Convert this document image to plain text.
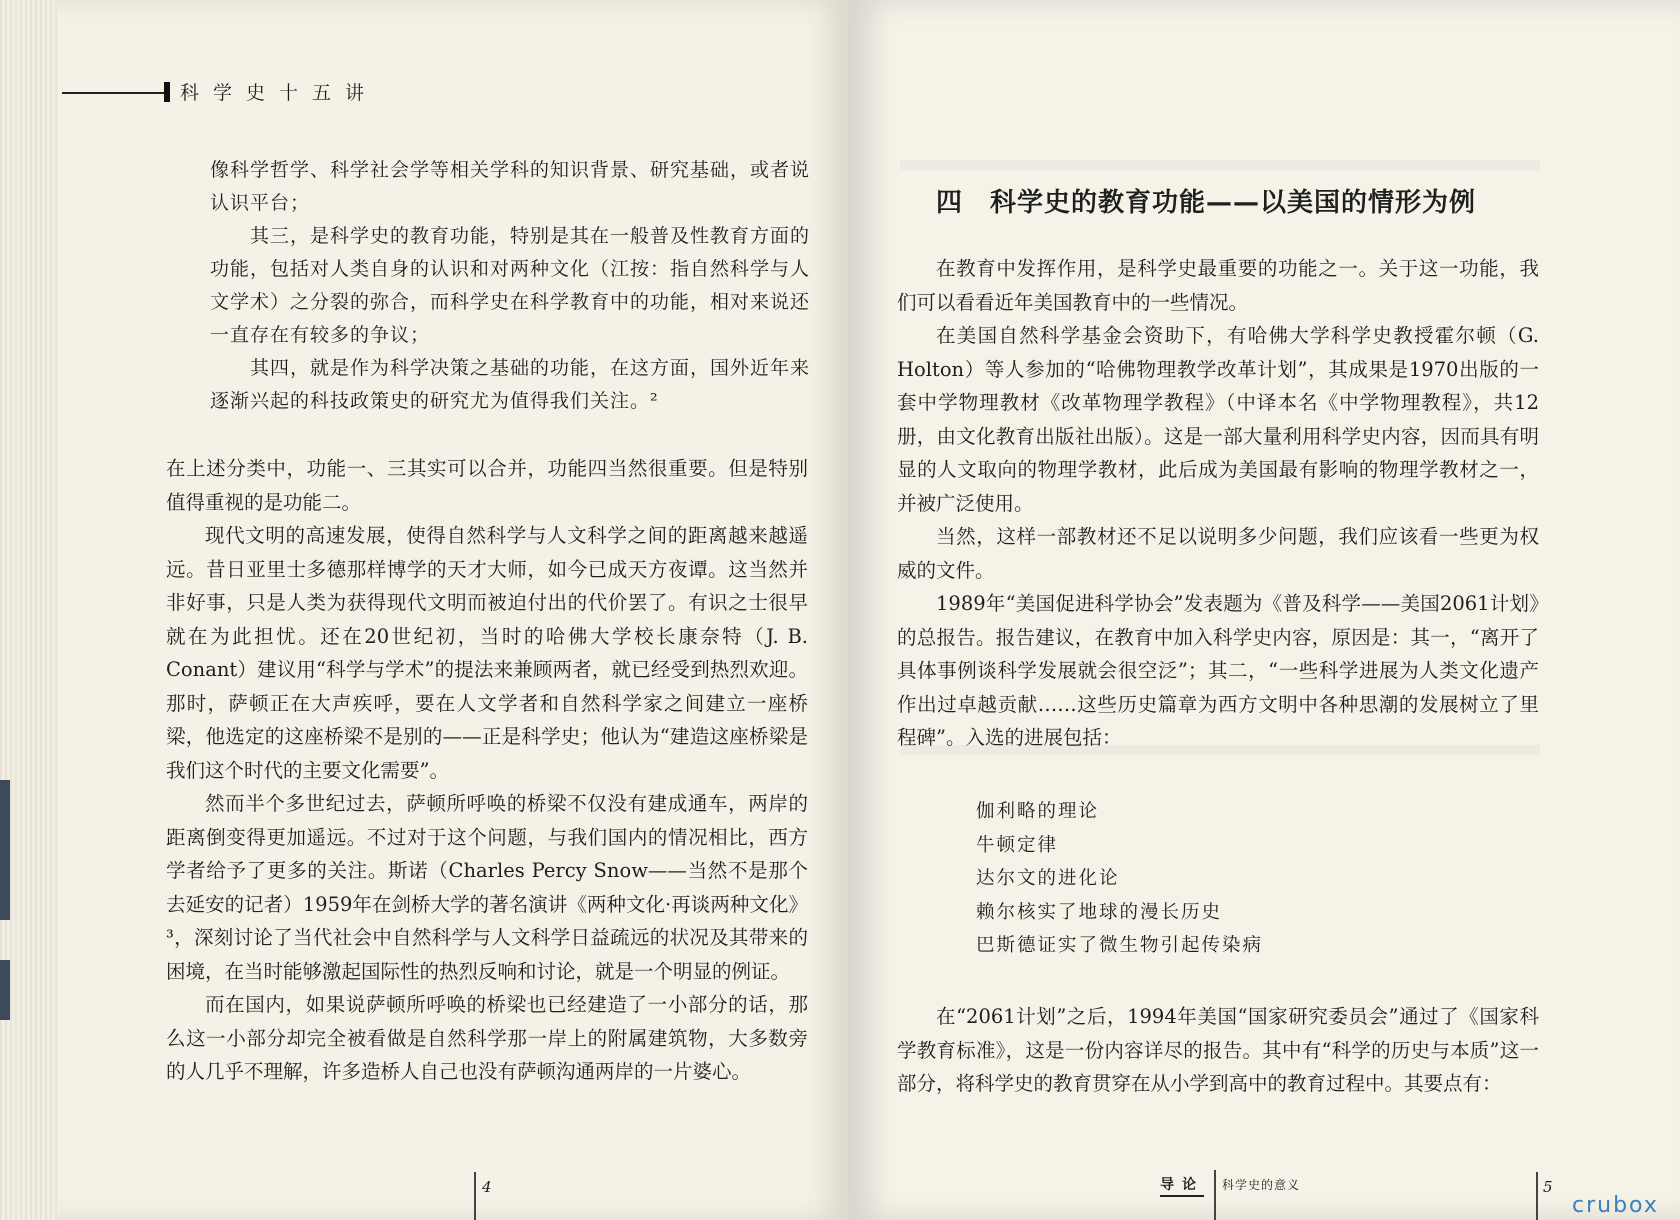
科学史十五讲

像科学哲学、科学社会学等相关学科的知识背景、研究基础，或者说认识平台；

其三，是科学史的教育功能，特别是其在一般普及性教育方面的功能，包括对人类自身的认识和对两种文化（江按：指自然科学与人文学术）之分裂的弥合，而科学史在科学教育中的功能，相对来说还一直存在有较多的争议；

其四，就是作为科学决策之基础的功能，在这方面，国外近年来逐渐兴起的科技政策史的研究尤为值得我们关注。²

在上述分类中，功能一、三其实可以合并，功能四当然很重要。但是特别值得重视的是功能二。

现代文明的高速发展，使得自然科学与人文科学之间的距离越来越遥远。昔日亚里士多德那样博学的天才大师，如今已成天方夜谭。这当然并非好事，只是人类为获得现代文明而被迫付出的代价罢了。有识之士很早就在为此担忧。还在20世纪初，当时的哈佛大学校长康奈特（J. B. Conant）建议用“科学与学术”的提法来兼顾两者，就已经受到热烈欢迎。那时，萨顿正在大声疾呼，要在人文学者和自然科学家之间建立一座桥梁，他选定的这座桥梁不是别的——正是科学史；他认为“建造这座桥梁是我们这个时代的主要文化需要”。

然而半个多世纪过去，萨顿所呼唤的桥梁不仅没有建成通车，两岸的距离倒变得更加遥远。不过对于这个问题，与我们国内的情况相比，西方学者给予了更多的关注。斯诺（Charles Percy Snow——当然不是那个去延安的记者）1959年在剑桥大学的著名演讲《两种文化·再谈两种文化》³，深刻讨论了当代社会中自然科学与人文科学日益疏远的状况及其带来的困境，在当时能够激起国际性的热烈反响和讨论，就是一个明显的例证。

而在国内，如果说萨顿所呼唤的桥梁也已经建造了一小部分的话，那么这一小部分却完全被看做是自然科学那一岸上的附属建筑物，大多数旁的人几乎不理解，许多造桥人自己也没有萨顿沟通两岸的一片婆心。

4
四　科学史的教育功能——以美国的情形为例

在教育中发挥作用，是科学史最重要的功能之一。关于这一功能，我们可以看看近年美国教育中的一些情况。

在美国自然科学基金会资助下，有哈佛大学科学史教授霍尔顿（G. Holton）等人参加的“哈佛物理教学改革计划”，其成果是1970出版的一套中学物理教材《改革物理学教程》（中译本名《中学物理教程》，共12册，由文化教育出版社出版）。这是一部大量利用科学史内容，因而具有明显的人文取向的物理学教材，此后成为美国最有影响的物理学教材之一，并被广泛使用。

当然，这样一部教材还不足以说明多少问题，我们应该看一些更为权威的文件。

1989年“美国促进科学协会”发表题为《普及科学——美国2061计划》的总报告。报告建议，在教育中加入科学史内容，原因是：其一，“离开了具体事例谈科学发展就会很空泛”；其二，“一些科学进展为人类文化遗产作出过卓越贡献……这些历史篇章为西方文明中各种思潮的发展树立了里程碑”。入选的进展包括：

伽利略的理论
牛顿定律
达尔文的进化论
赖尔核实了地球的漫长历史
巴斯德证实了微生物引起传染病

在“2061计划”之后，1994年美国“国家研究委员会”通过了《国家科学教育标准》，这是一份内容详尽的报告。其中有“科学的历史与本质”这一部分，将科学史的教育贯穿在从小学到高中的教育过程中。其要点有：

导论 科学史的意义	5
crubox
